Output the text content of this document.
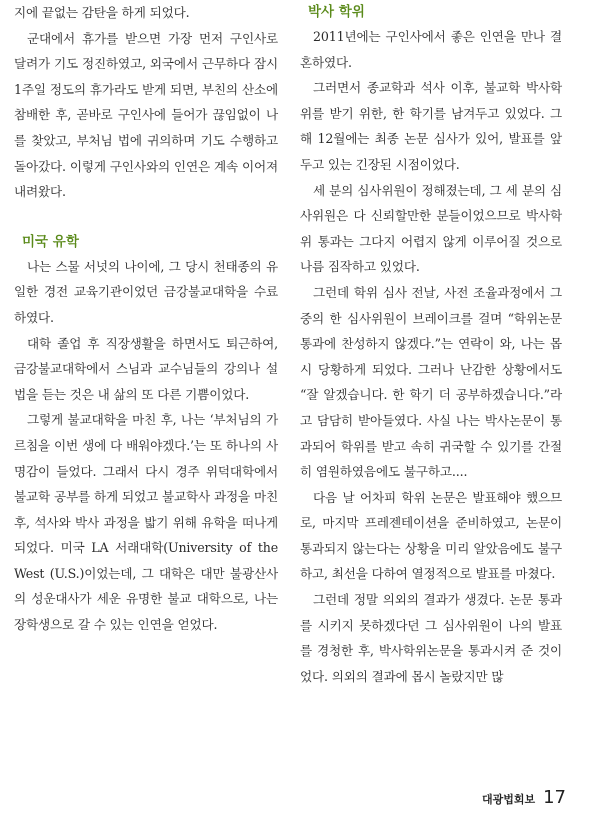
지에 끝없는 감탄을 하게 되었다.

군대에서 휴가를 받으면 가장 먼저 구인사로 달려가 기도 정진하였고, 외국에서 근무하다 잠시 1주일 정도의 휴가라도 받게 되면, 부친의 산소에 참배한 후, 곧바로 구인사에 들어가 끊임없이 나를 찾았고, 부처님 법에 귀의하며 기도 수행하고 돌아갔다. 이렇게 구인사와의 인연은 계속 이어져 내려왔다.

미국 유학

나는 스물 서넛의 나이에, 그 당시 천태종의 유일한 경전 교육기관이었던 금강불교대학을 수료하였다.

대학 졸업 후 직장생활을 하면서도 퇴근하여, 금강불교대학에서 스님과 교수님들의 강의나 설법을 듣는 것은 내 삶의 또 다른 기쁨이었다.

그렇게 불교대학을 마친 후, 나는 ‘부처님의 가르침을 이번 생에 다 배워야겠다.’는 또 하나의 사명감이 들었다. 그래서 다시 경주 위덕대학에서 불교학 공부를 하게 되었고 불교학사 과정을 마친 후, 석사와 박사 과정을 밟기 위해 유학을 떠나게 되었다. 미국 LA 서래대학(University of the West (U.S.)이었는데, 그 대학은 대만 불광산사의 성운대사가 세운 유명한 불교 대학으로, 나는 장학생으로 갈 수 있는 인연을 얻었다.

박사 학위

2011년에는 구인사에서 좋은 인연을 만나 결혼하였다.

그러면서 종교학과 석사 이후, 불교학 박사학위를 받기 위한, 한 학기를 남겨두고 있었다. 그해 12월에는 최종 논문 심사가 있어, 발표를 앞두고 있는 긴장된 시점이었다.

세 분의 심사위원이 정해졌는데, 그 세 분의 심사위원은 다 신뢰할만한 분들이었으므로 박사학위 통과는 그다지 어렵지 않게 이루어질 것으로 나름 짐작하고 있었다.

그런데 학위 심사 전날, 사전 조율과정에서 그중의 한 심사위원이 브레이크를 걸며 “학위논문 통과에 찬성하지 않겠다.”는 연락이 와, 나는 몹시 당황하게 되었다. 그러나 난감한 상황에서도 “잘 알겠습니다. 한 학기 더 공부하겠습니다.”라고 담담히 받아들였다. 사실 나는 박사논문이 통과되어 학위를 받고 속히 귀국할 수 있기를 간절히 염원하였음에도 불구하고....

다음 날 어차피 학위 논문은 발표해야 했으므로, 마지막 프레젠테이션을 준비하였고, 논문이 통과되지 않는다는 상황을 미리 알았음에도 불구하고, 최선을 다하여 열정적으로 발표를 마쳤다.

그런데 정말 의외의 결과가 생겼다. 논문 통과를 시키지 못하겠다던 그 심사위원이 나의 발표를 경청한 후, 박사학위논문을 통과시켜 준 것이었다. 의외의 결과에 몹시 놀랐지만 많

대광법회보 17
